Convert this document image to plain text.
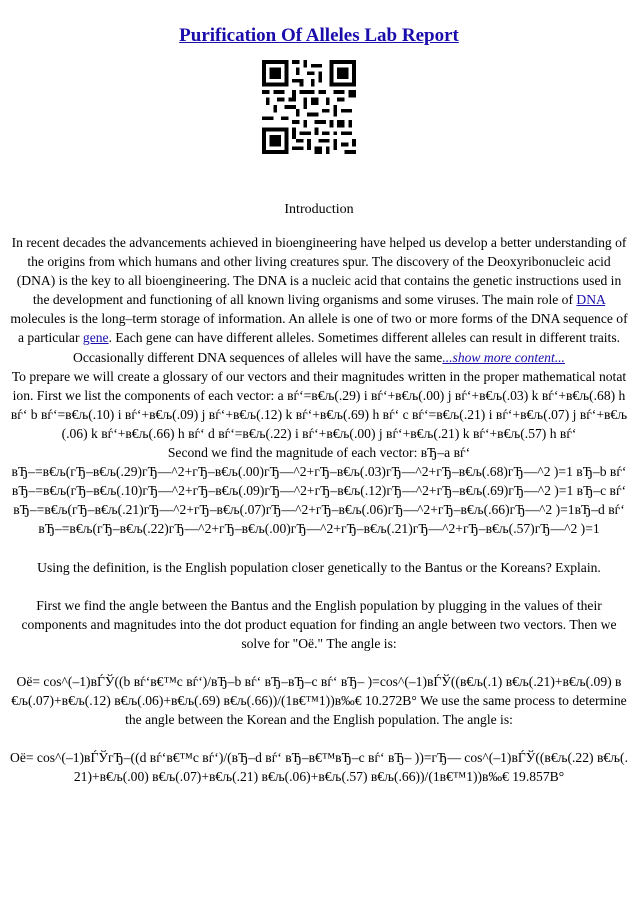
Purification Of Alleles Lab Report
Introduction

In recent decades the advancements achieved in bioengineering have helped us develop a better understanding of the origins from which humans and other living creatures spur. The discovery of the Deoxyribonucleic acid (DNA) is the key to all bioengineering. The DNA is a nucleic acid that contains the genetic instructions used in the development and functioning of all known living organisms and some viruses. The main role of DNA molecules is the long–term storage of information. An allele is one of two or more forms of the DNA sequence of a particular gene. Each gene can have different alleles. Sometimes different alleles can result in different traits. Occasionally different DNA sequences of alleles will have the same...show more content...

To prepare we will create a glossary of our vectors and their magnitudes written in the proper mathematical notation. First we list the components of each vector: a вѓ‘=в€љ(.29) i вѓ‘+в€љ(.00) j вѓ‘+в€љ(.03) k вѓ‘+в€љ(.68) h вѓ‘ b вѓ‘=в€љ(.10) i вѓ‘+в€љ(.09) j вѓ‘+в€љ(.12) k вѓ‘+в€љ(.69) h вѓ‘ c вѓ‘=в€љ(.21) i вѓ‘+в€љ(.07) j вѓ‘+в€љ(.06) k вѓ‘+в€љ(.66) h вѓ‘ d вѓ‘=в€љ(.22) i вѓ‘+в€љ(.00) j вѓ‘+в€љ(.21) k вѓ‘+в€љ(.57) h вѓ‘

Second we find the magnitude of each vector: вЂ–a вѓ‘

вЂ–=в€љ(гЂ–в€љ(.29)гЂ—^2+гЂ–в€љ(.00)гЂ—^2+гЂ–в€љ(.03)гЂ—^2+гЂ–в€љ(.68)гЂ—^2 )=1 вЂ–b вѓ‘ вЂ–=в€љ(гЂ–в€љ(.10)гЂ—^2+гЂ–в€љ(.09)гЂ—^2+гЂ–в€љ(.12)гЂ—^2+гЂ–в€љ(.69)гЂ—^2 )=1 вЂ–c вѓ‘ вЂ–=в€љ(гЂ–в€љ(.21)гЂ—^2+гЂ–в€љ(.07)гЂ—^2+гЂ–в€љ(.06)гЂ—^2+гЂ–в€љ(.66)гЂ—^2 )=1вЂ–d вѓ‘ вЂ–=в€љ(гЂ–в€љ(.22)гЂ—^2+гЂ–в€љ(.00)гЂ—^2+гЂ–в€љ(.21)гЂ—^2+гЂ–в€љ(.57)гЂ—^2 )=1

Using the definition, is the English population closer genetically to the Bantus or the Koreans? Explain.

First we find the angle between the Bantus and the English population by plugging in the values of their components and magnitudes into the dot product equation for finding an angle between two vectors. Then we solve for "Оё." The angle is:

Оё= cos^(–1)вЃЎ((b вѓ‘в€™c вѓ‘)/вЂ–b вѓ‘ вЂ–вЂ–c вѓ‘ вЂ– )=cos^(–1)вЃЎ((в€љ(.1) в€љ(.21)+в€љ(.09) в€љ(.07)+в€љ(.12) в€љ(.06)+в€љ(.69) в€љ(.66))/(1в€™1))в‰€ 10.272В° We use the same process to determine the angle between the Korean and the English population. The angle is:

Оё= cos^(–1)вЃЎгЂ–((d вѓ‘в€™c вѓ‘)/(вЂ–d вѓ‘ вЂ–в€™вЂ–c вѓ‘ вЂ– ))=гЂ— cos^(–1)вЃЎ((в€љ(.22) в€љ(.21)+в€љ(.00) в€љ(.07)+в€љ(.21) в€љ(.06)+в€љ(.57) в€љ(.66))/(1в€™1))в‰€ 19.857В°
